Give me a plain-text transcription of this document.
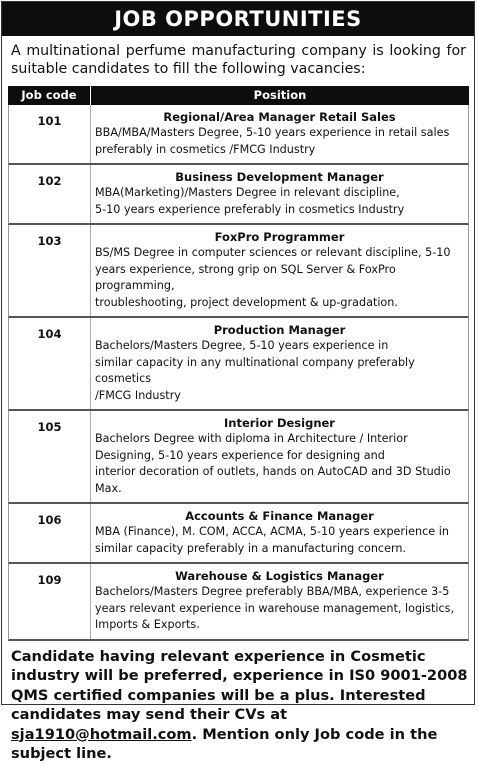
JOB OPPORTUNITIES
A multinational perfume manufacturing company is looking for suitable candidates to fill the following vacancies:
Job code	Position
101	Regional/Area Manager Retail Sales
BBA/MBA/Masters Degree, 5-10 years experience in retail sales
preferably in cosmetics /FMCG Industry
102	Business Development Manager
MBA(Marketing)/Masters Degree in relevant discipline,
5-10 years experience preferably in cosmetics Industry
103	FoxPro Programmer
BS/MS Degree in computer sciences or relevant discipline, 5-10
years experience, strong grip on SQL Server & FoxPro programming,
troubleshooting, project development & up-gradation.
104	Production Manager
Bachelors/Masters Degree, 5-10 years experience in
similar capacity in any multinational company preferably cosmetics
/FMCG Industry
105	Interior Designer
Bachelors Degree with diploma in Architecture / Interior
Designing, 5-10 years experience for designing and
interior decoration of outlets, hands on AutoCAD and 3D Studio Max.
106	Accounts & Finance Manager
MBA (Finance), M. COM, ACCA, ACMA, 5-10 years experience in
similar capacity preferably in a manufacturing concern.
109	Warehouse & Logistics Manager
Bachelors/Masters Degree preferably BBA/MBA, experience 3-5
years relevant experience in warehouse management, logistics,
Imports & Exports.
Candidate having relevant experience in Cosmetic industry will be preferred, experience in IS0 9001-2008 QMS certified companies will be a plus. Interested candidates may send their CVs at sja1910@hotmail.com. Mention only Job code in the subject line.
